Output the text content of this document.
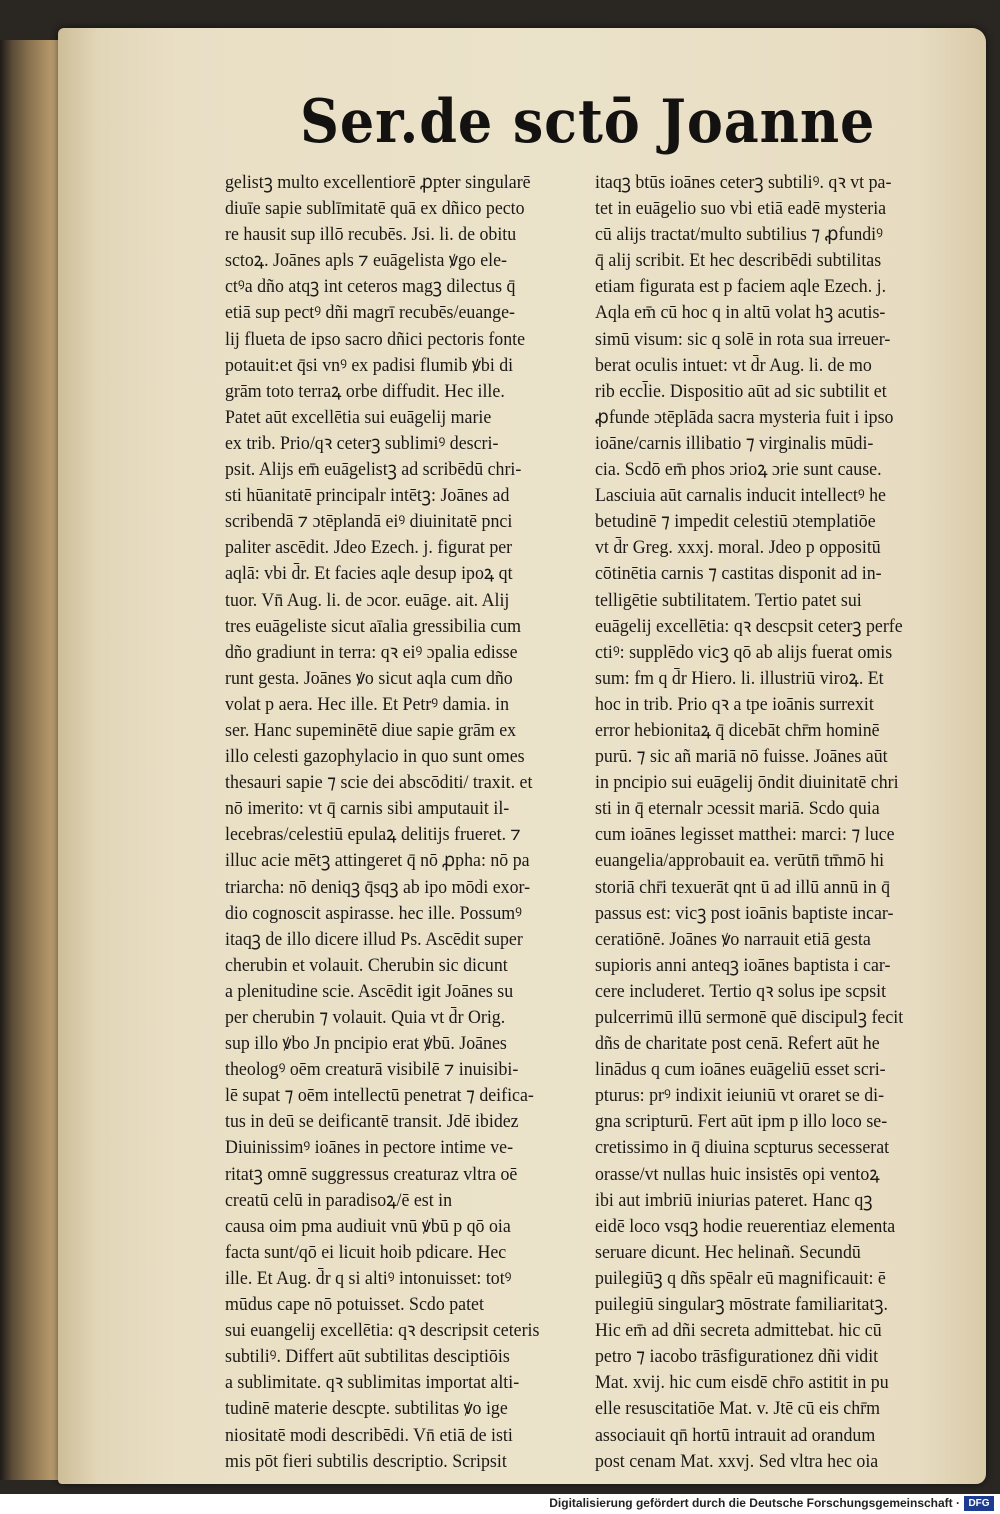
Ser.de sctō Joanne
gelistꝫ multo excellentiorē ꝓpter singularē
diuīe sapie sublīmitatē quā ex dñico pecto
re hausit sup illō recubēs. Jsi. li. de obitu
sctoꝝ. Joānes apls ⁊ euāgelista ꝟgo ele-
ctꝰa dño atqꝫ int ceteros magꝫ dilectus q̄
etiā sup pectꝰ dñi magrī recubēs/euange-
lij flueta de ipso sacro dñici pectoris fonte
potauit:et q̄si vnꝰ ex padisi flumib ꝟbi di
grām toto terraꝝ orbe diffudit. Hec ille.
Patet aūt excellētia sui euāgelij marie
ex trib. Prio/qꝛ ceterꝫ sublimiꝰ descri-
psit. Alijs em̄ euāgelistꝫ ad scribēdū chri-
sti hūanitatē principalr intētꝫ: Joānes ad
scribendā ⁊ ɔtēplandā eiꝰ diuinitatē pnci
paliter ascēdit. Jdeo Ezech. j. figurat per
aqlā: vbi d̄r. Et facies aqle desup ipoꝝ qt
tuor. Vn̄ Aug. li. de ɔcor. euāge. ait. Alij
tres euāgeliste sicut aīalia gressibilia cum
dño gradiunt in terra: qꝛ eiꝰ ɔpalia edisse
runt gesta. Joānes ꝟo sicut aqla cum dño
volat p aera. Hec ille. Et Petrꝰ damia. in
ser. Hanc supeminētē diue sapie grām ex
illo celesti gazophylacio in quo sunt omes
thesauri sapie ⁊ scie dei abscōditi/ traxit. et
nō imerito: vt q̄ carnis sibi amputauit il-
lecebras/celestiū epulaꝝ delitijs frueret. ⁊
illuc acie mētꝫ attingeret q̄ nō ꝓpha: nō pa
triarcha: nō deniqꝫ q̄sqꝫ ab ipo mōdi exor-
dio cognoscit aspirasse. hec ille. Possumꝰ
itaqꝫ de illo dicere illud Ps. Ascēdit super
cherubin et volauit. Cherubin sic dicunt
a plenitudine scie. Ascēdit igit Joānes su
per cherubin ⁊ volauit. Quia vt d̄r Orig.
sup illo ꝟbo Jn pncipio erat ꝟbū. Joānes
theologꝰ oēm creaturā visibilē ⁊ inuisibi-
lē supat ⁊ oēm intellectū penetrat ⁊ deifica-
tus in deū se deificantē transit. Jdē ibidez
Diuinissimꝰ ioānes in pectore intime ve-
ritatꝫ omnē suggressus creaturaz vltra oē
creatū celū in paradisoꝝ/ē est in
causa oim pma audiuit vnū ꝟbū p qō oia
facta sunt/qō ei licuit hoib pdicare. Hec
ille. Et Aug. d̄r q si altiꝰ intonuisset: totꝰ
mūdus cape nō potuisset. Scdo patet
sui euangelij excellētia: qꝛ descripsit ceteris
subtiliꝰ. Differt aūt subtilitas desciptiōis
a sublimitate. qꝛ sublimitas importat alti-
tudinē materie descpte. subtilitas ꝟo ige
niositatē modi describēdi. Vn̄ etiā de isti
mis pōt fieri subtilis descriptio. Scripsit
itaqꝫ btūs ioānes ceterꝫ subtiliꝰ. qꝛ vt pa-
tet in euāgelio suo vbi etiā eadē mysteria
cū alijs tractat/multo subtilius ⁊ ꝓfundiꝰ
q̄ alij scribit. Et hec describēdi subtilitas
etiam figurata est p faciem aqle Ezech. j.
Aqla em̄ cū hoc q in altū volat hꝫ acutis-
simū visum: sic q solē in rota sua irreuer-
berat oculis intuet: vt d̄r Aug. li. de mo
rib eccl̄ie. Dispositio aūt ad sic subtilit et
ꝓfunde ɔtēplāda sacra mysteria fuit i ipso
ioāne/carnis illibatio ⁊ virginalis mūdi-
cia. Scdō em̄ phos ɔrioꝝ ɔrie sunt cause.
Lasciuia aūt carnalis inducit intellectꝰ he
betudinē ⁊ impedit celestiū ɔtemplatiōe
vt d̄r Greg. xxxj. moral. Jdeo p oppositū
cōtinētia carnis ⁊ castitas disponit ad in-
telligētie subtilitatem. Tertio patet sui
euāgelij excellētia: qꝛ descpsit ceterꝫ perfe
ctiꝰ: supplēdo vicꝫ qō ab alijs fuerat omis
sum: fm q d̄r Hiero. li. illustriū viroꝝ. Et
hoc in trib. Prio qꝛ a tpe ioānis surrexit
error hebionitaꝝ q̄ dicebāt chr̄m hominē
purū. ⁊ sic añ mariā nō fuisse. Joānes aūt
in pncipio sui euāgelij ōndit diuinitatē chri
sti in q̄ eternalr ɔcessit mariā. Scdo quia
cum ioānes legisset matthei: marci: ⁊ luce
euangelia/approbauit ea. verūtn̄ tm̄mō hi
storiā chr̄i texuerāt qnt ū ad illū annū in q̄
passus est: vicꝫ post ioānis baptiste incar-
ceratiōnē. Joānes ꝟo narrauit etiā gesta
supioris anni anteqꝫ ioānes baptista i car-
cere includeret. Tertio qꝛ solus ipe scpsit
pulcerrimū illū sermonē quē discipulꝫ fecit
dñs de charitate post cenā. Refert aūt he
linādus q cum ioānes euāgeliū esset scri-
pturus: prꝰ indixit ieiuniū vt oraret se di-
gna scripturū. Fert aūt ipm p illo loco se-
cretissimo in q̄ diuina scpturus secesserat
orasse/vt nullas huic insistēs opi ventoꝝ
ibi aut imbriū iniurias pateret. Hanc qꝫ
eidē loco vsqꝫ hodie reuerentiaz elementa
seruare dicunt. Hec helinañ. Secundū
puilegiūꝫ q dñs spēalr eū magnificauit: ē
puilegiū singularꝫ mōstrate familiaritatꝫ.
Hic em̄ ad dñi secreta admittebat. hic cū
petro ⁊ iacobo trāsfigurationez dñi vidit
Mat. xvij. hic cum eisdē chr̄o astitit in pu
elle resuscitatiōe Mat. v. Jtē cū eis chr̄m
associauit qn̄ hortū intrauit ad orandum
post cenam Mat. xxvj. Sed vltra hec oia
Digitalisierung gefördert durch die Deutsche Forschungsgemeinschaft · DFG
